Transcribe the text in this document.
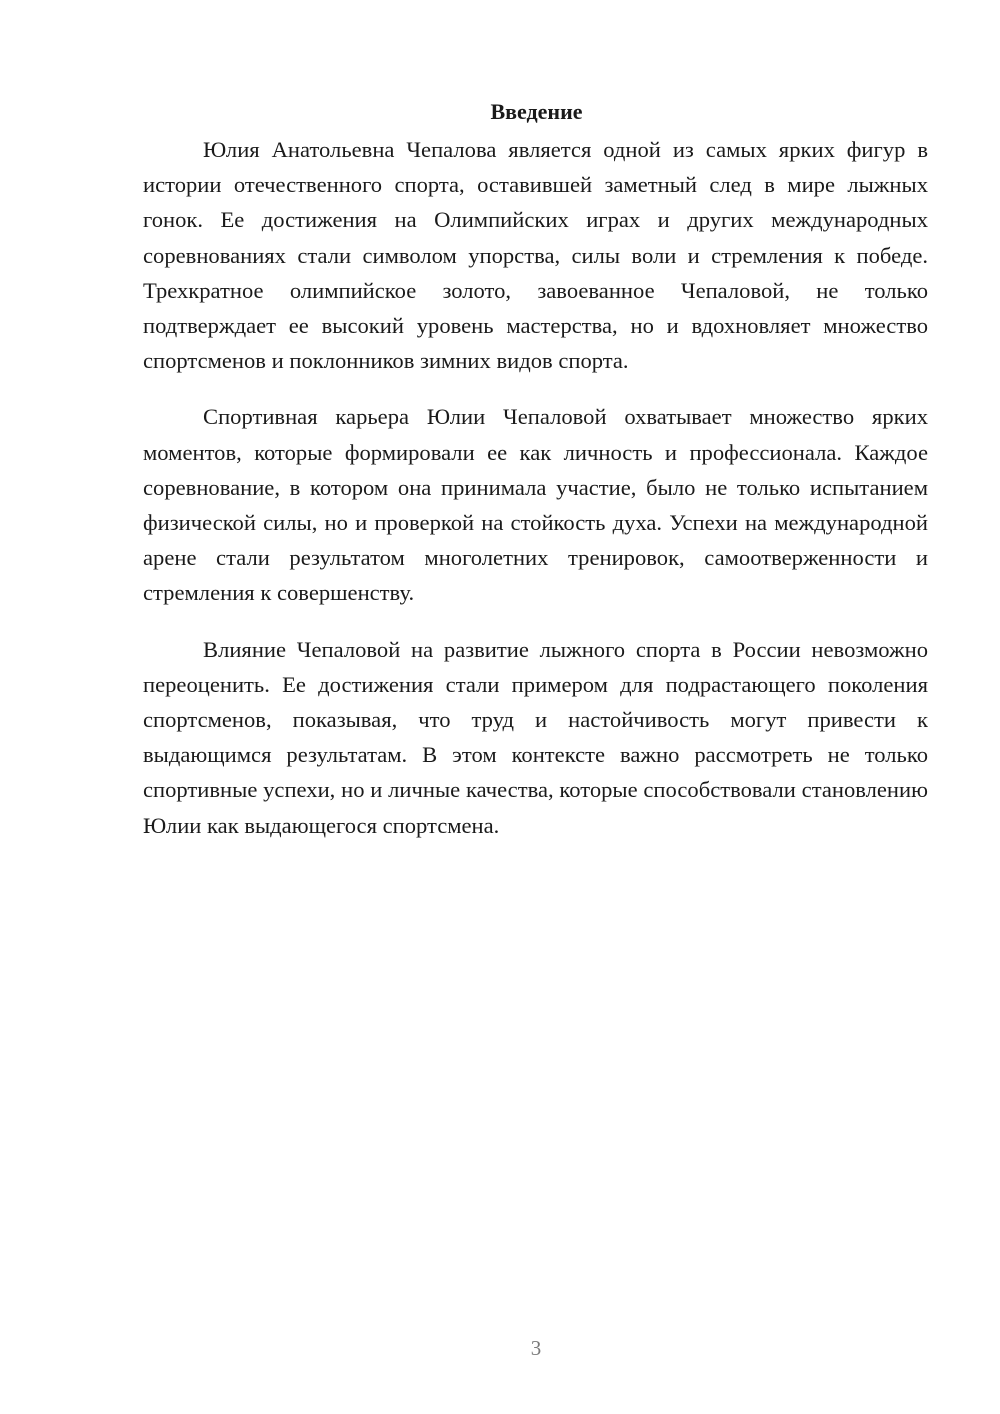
Введение

Юлия Анатольевна Чепалова является одной из самых ярких фигур в истории отечественного спорта, оставившей заметный след в мире лыжных гонок. Ее достижения на Олимпийских играх и других международных соревнованиях стали символом упорства, силы воли и стремления к победе. Трехкратное олимпийское золото, завоеванное Чепаловой, не только подтверждает ее высокий уровень мастерства, но и вдохновляет множество спортсменов и поклонников зимних видов спорта.

Спортивная карьера Юлии Чепаловой охватывает множество ярких моментов, которые формировали ее как личность и профессионала. Каждое соревнование, в котором она принимала участие, было не только испытанием физической силы, но и проверкой на стойкость духа. Успехи на международной арене стали результатом многолетних тренировок, самоотверженности и стремления к совершенству.

Влияние Чепаловой на развитие лыжного спорта в России невозможно переоценить. Ее достижения стали примером для подрастающего поколения спортсменов, показывая, что труд и настойчивость могут привести к выдающимся результатам. В этом контексте важно рассмотреть не только спортивные успехи, но и личные качества, которые способствовали становлению Юлии как выдающегося спортсмена.

3
